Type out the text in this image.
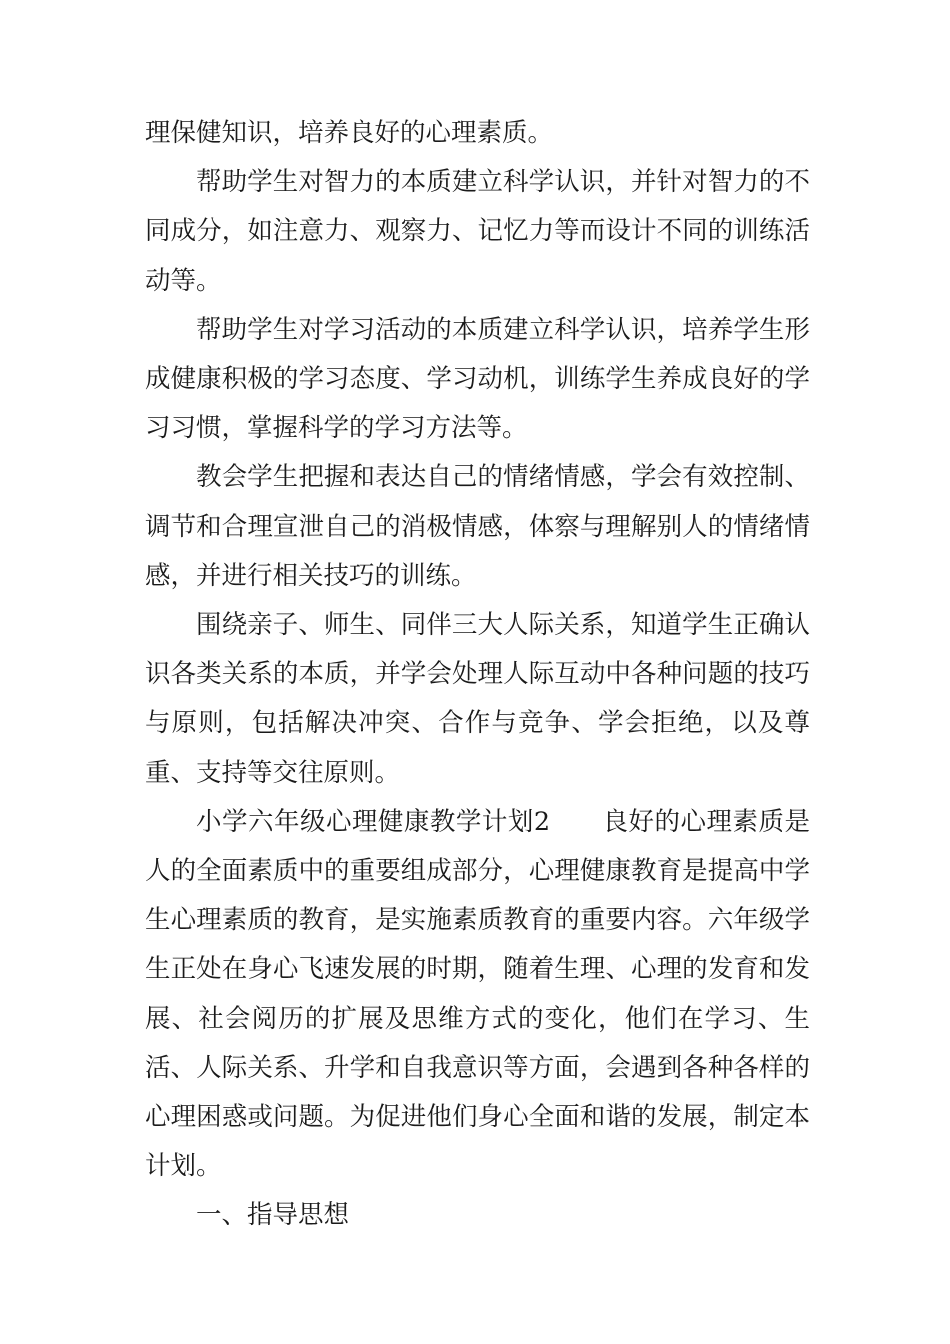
理保健知识，培养良好的心理素质。

帮助学生对智力的本质建立科学认识，并针对智力的不同成分，如注意力、观察力、记忆力等而设计不同的训练活动等。

帮助学生对学习活动的本质建立科学认识，培养学生形成健康积极的学习态度、学习动机，训练学生养成良好的学习习惯，掌握科学的学习方法等。

教会学生把握和表达自己的情绪情感，学会有效控制、调节和合理宣泄自己的消极情感，体察与理解别人的情绪情感，并进行相关技巧的训练。

围绕亲子、师生、同伴三大人际关系，知道学生正确认识各类关系的本质，并学会处理人际互动中各种问题的技巧与原则，包括解决冲突、合作与竞争、学会拒绝，以及尊重、支持等交往原则。

小学六年级心理健康教学计划2　　良好的心理素质是人的全面素质中的重要组成部分，心理健康教育是提高中学生心理素质的教育，是实施素质教育的重要内容。六年级学生正处在身心飞速发展的时期，随着生理、心理的发育和发展、社会阅历的扩展及思维方式的变化，他们在学习、生活、人际关系、升学和自我意识等方面，会遇到各种各样的心理困惑或问题。为促进他们身心全面和谐的发展，制定本计划。

一、指导思想
